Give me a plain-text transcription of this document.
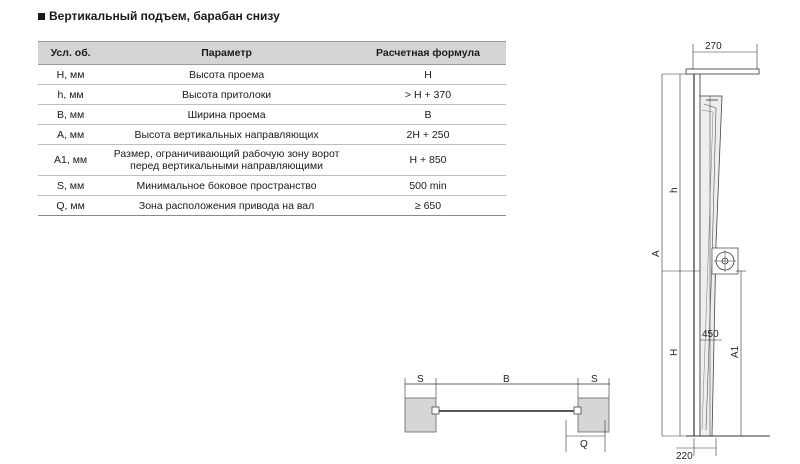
Вертикальный подъем, барабан снизу
Усл. об.	Параметр	Расчетная формула
H, мм	Высота проема	H
h, мм	Высота притолоки	> H + 370
B, мм	Ширина проема	B
A, мм	Высота вертикальных направляющих	2H + 250
A1, мм	Размер, ограничивающий рабочую зону ворот перед вертикальными направляющими	H + 850
S, мм	Минимальное боковое пространство	500 min
Q, мм	Зона расположения привода на вал	≥ 650
S	B	S
Q
270
h
A
H	A1
450
220
